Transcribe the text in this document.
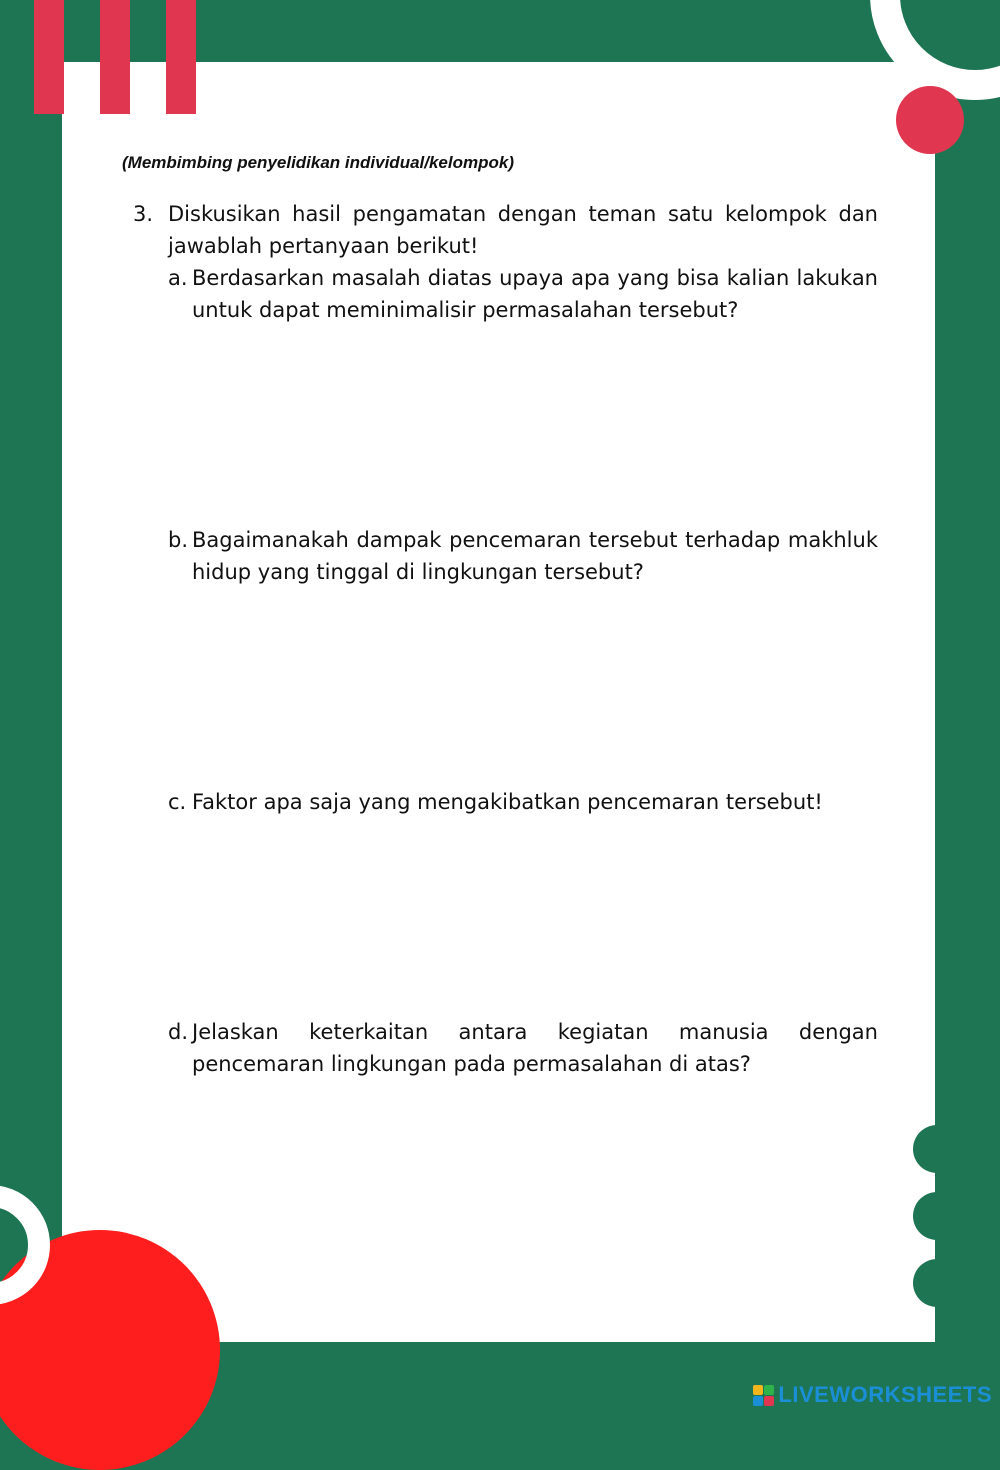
(Membimbing penyelidikan individual/kelompok)
3. Diskusikan hasil pengamatan dengan teman satu kelompok dan jawablah pertanyaan berikut!

a. Berdasarkan masalah diatas upaya apa yang bisa kalian lakukan untuk dapat meminimalisir permasalahan tersebut?

b. Bagaimanakah dampak pencemaran tersebut terhadap makhluk hidup yang tinggal di lingkungan tersebut?

c. Faktor apa saja yang mengakibatkan pencemaran tersebut!

d. Jelaskan keterkaitan antara kegiatan manusia dengan pencemaran lingkungan pada permasalahan di atas?

LIVEWORKSHEETS
